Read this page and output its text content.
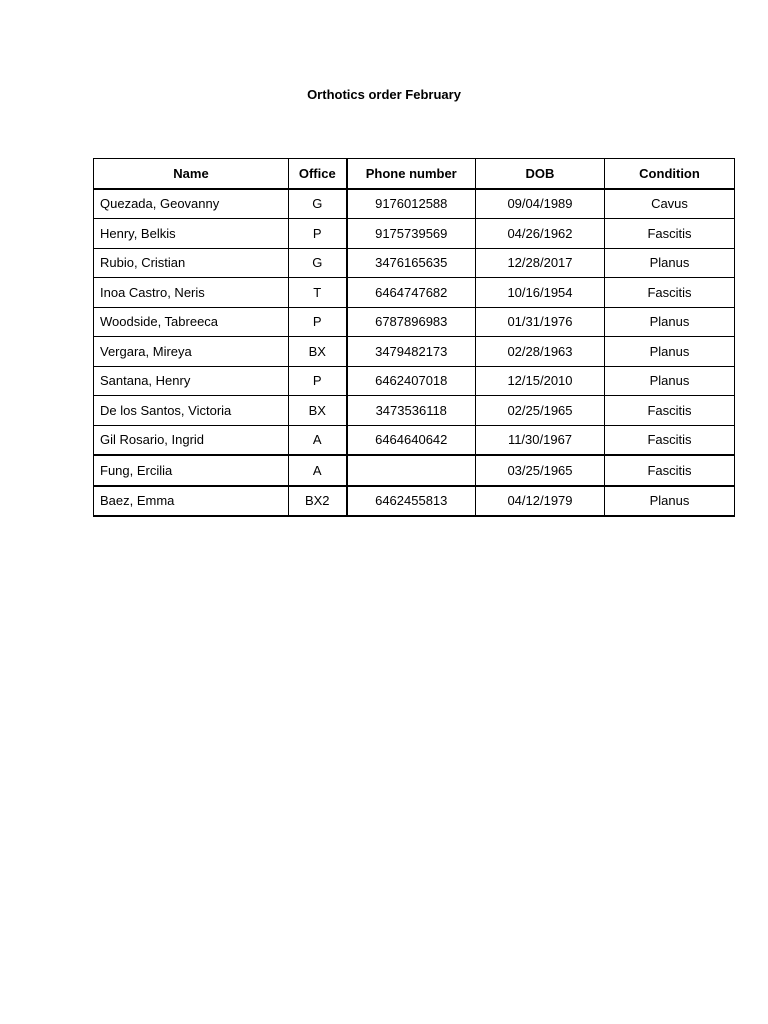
Orthotics order February
Name	Office	Phone number	DOB	Condition
Quezada, Geovanny	G	9176012588	09/04/1989	Cavus
Henry, Belkis	P	9175739569	04/26/1962	Fascitis
Rubio, Cristian	G	3476165635	12/28/2017	Planus
Inoa Castro, Neris	T	6464747682	10/16/1954	Fascitis
Woodside, Tabreeca	P	6787896983	01/31/1976	Planus
Vergara, Mireya	BX	3479482173	02/28/1963	Planus
Santana, Henry	P	6462407018	12/15/2010	Planus
De los Santos, Victoria	BX	3473536118	02/25/1965	Fascitis
Gil Rosario, Ingrid	A	6464640642	11/30/1967	Fascitis
Fung, Ercilia	A		03/25/1965	Fascitis
Baez, Emma	BX2	6462455813	04/12/1979	Planus
